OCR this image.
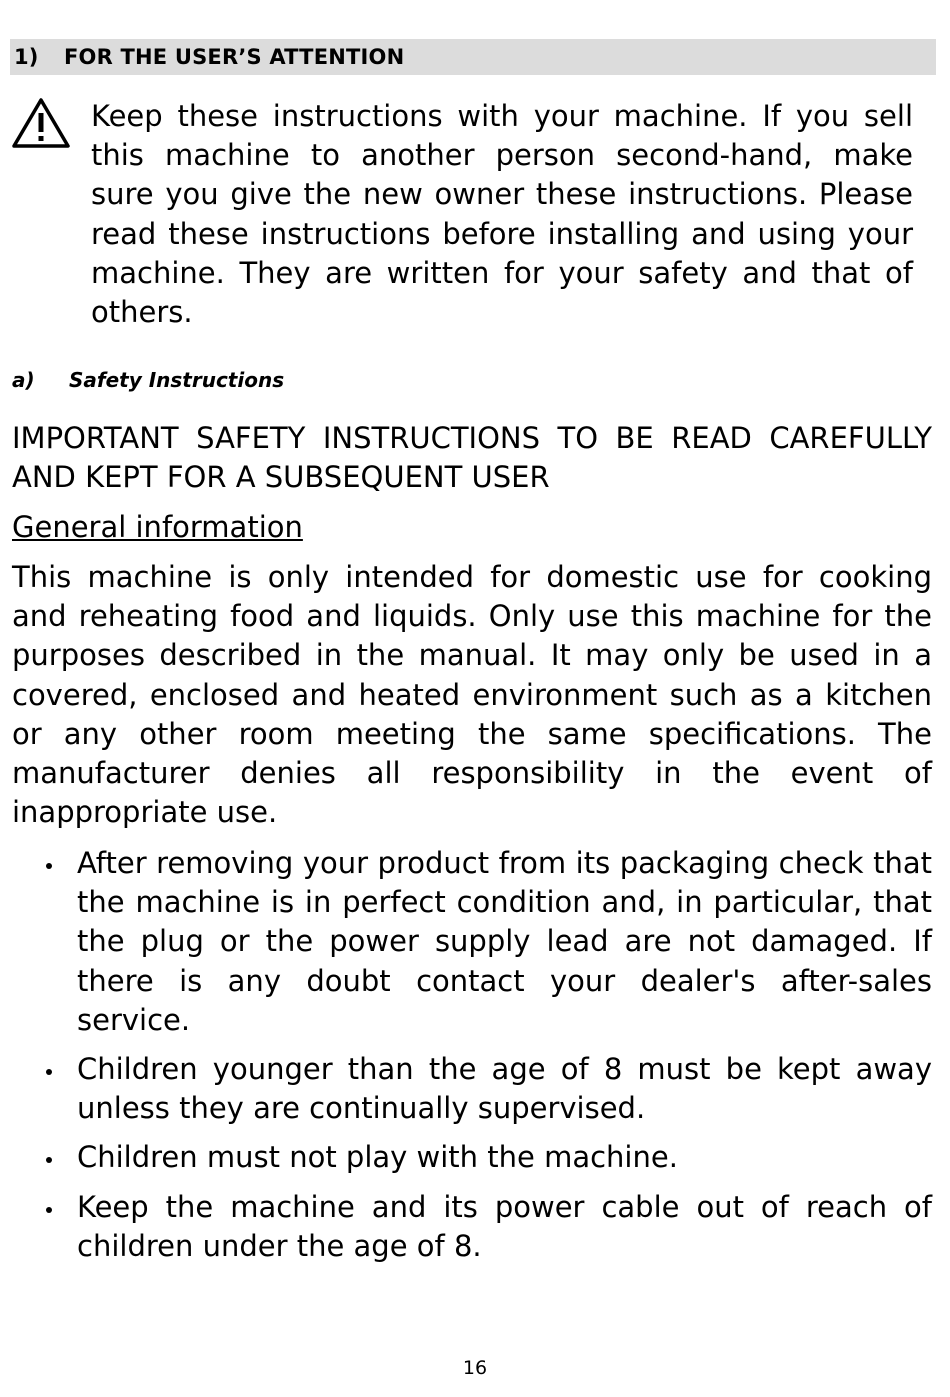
1)	FOR THE USER’S ATTENTION
Keep these instructions with your machine. If you sell this machine to another person second-hand, make sure you give the new owner these instructions. Please read these instructions before installing and using your machine. They are written for your safety and that of others.
a) Safety Instructions
IMPORTANT SAFETY INSTRUCTIONS TO BE READ CAREFULLY AND KEPT FOR A SUBSEQUENT USER
General information
This machine is only intended for domestic use for cooking and reheating food and liquids. Only use this machine for the purposes described in the manual. It may only be used in a covered, enclosed and heated environment such as a kitchen or any other room meeting the same specifications. The manufacturer denies all responsibility in the event of inappropriate use.
After removing your product from its packaging check that the machine is in perfect condition and, in particular, that the plug or the power supply lead are not damaged. If there is any doubt contact your dealer's after-sales service.
Children younger than the age of 8 must be kept away unless they are continually supervised.
Children must not play with the machine.
Keep the machine and its power cable out of reach of children under the age of 8.
16
